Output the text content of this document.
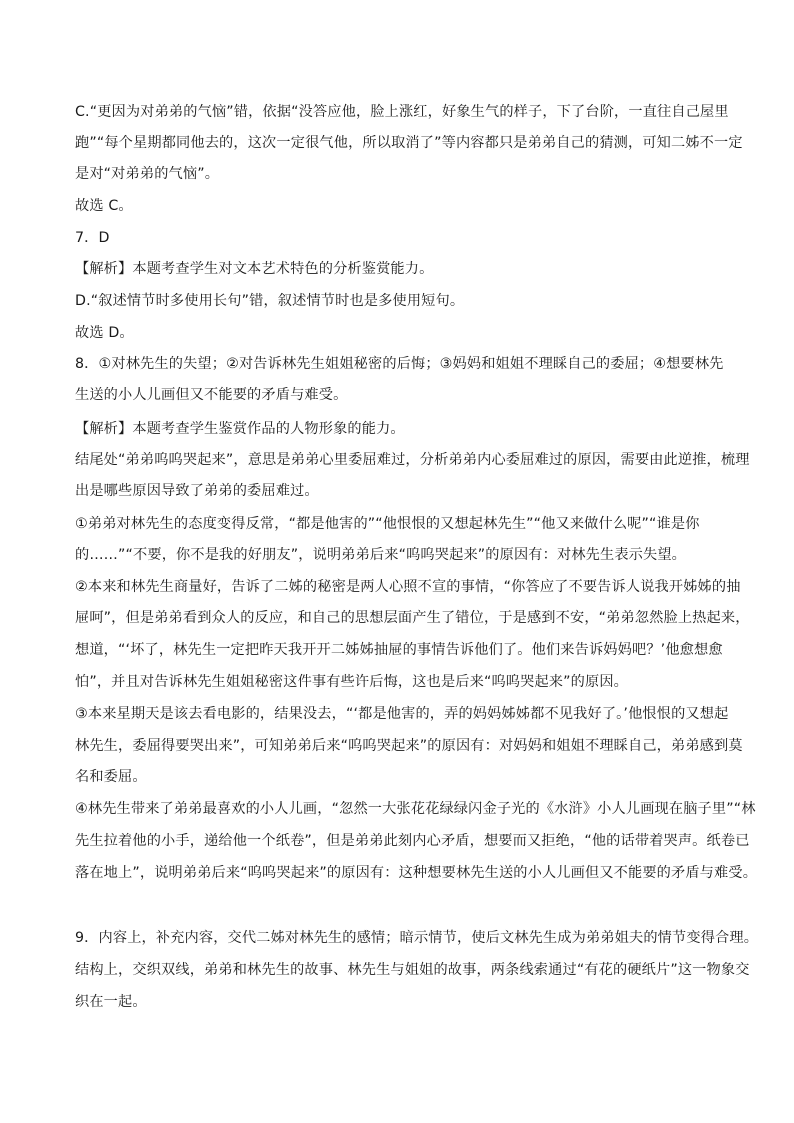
C.“更因为对弟弟的气恼”错，依据“没答应他，脸上涨红，好象生气的样子，下了台阶，一直往自己屋里
跑”“每个星期都同他去的，这次一定很气他，所以取消了”等内容都只是弟弟自己的猜测，可知二姊不一定
是对“对弟弟的气恼”。
故选 C。
7．D
【解析】本题考查学生对文本艺术特色的分析鉴赏能力。
D.“叙述情节时多使用长句”错，叙述情节时也是多使用短句。
故选 D。
8．①对林先生的失望；②对告诉林先生姐姐秘密的后悔；③妈妈和姐姐不理睬自己的委屈；④想要林先
生送的小人儿画但又不能要的矛盾与难受。
【解析】本题考查学生鉴赏作品的人物形象的能力。
结尾处“弟弟呜呜哭起来”，意思是弟弟心里委屈难过，分析弟弟内心委屈难过的原因，需要由此逆推，梳理
出是哪些原因导致了弟弟的委屈难过。
①弟弟对林先生的态度变得反常，“都是他害的”“他恨恨的又想起林先生”“他又来做什么呢”“谁是你
的……”“不要，你不是我的好朋友”，说明弟弟后来“呜呜哭起来”的原因有：对林先生表示失望。
②本来和林先生商量好，告诉了二姊的秘密是两人心照不宣的事情，“你答应了不要告诉人说我开姊姊的抽
屉呵”，但是弟弟看到众人的反应，和自己的思想层面产生了错位，于是感到不安，“弟弟忽然脸上热起来，
想道，“‘坏了，林先生一定把昨天我开开二姊姊抽屉的事情告诉他们了。他们来告诉妈妈吧？’他愈想愈
怕”，并且对告诉林先生姐姐秘密这件事有些许后悔，这也是后来“呜呜哭起来”的原因。
③本来星期天是该去看电影的，结果没去，“‘都是他害的，弄的妈妈姊姊都不见我好了。’他恨恨的又想起
林先生，委屈得要哭出来”，可知弟弟后来“呜呜哭起来”的原因有：对妈妈和姐姐不理睬自己，弟弟感到莫
名和委屈。
④林先生带来了弟弟最喜欢的小人儿画，“忽然一大张花花绿绿闪金子光的《水浒》小人儿画现在脑子里”“林
先生拉着他的小手，递给他一个纸卷”，但是弟弟此刻内心矛盾，想要而又拒绝，“他的话带着哭声。纸卷已
落在地上”，说明弟弟后来“呜呜哭起来”的原因有：这种想要林先生送的小人儿画但又不能要的矛盾与难受。
9．内容上，补充内容，交代二姊对林先生的感情；暗示情节，使后文林先生成为弟弟姐夫的情节变得合理。
结构上，交织双线，弟弟和林先生的故事、林先生与姐姐的故事，两条线索通过“有花的硬纸片”这一物象交
织在一起。
